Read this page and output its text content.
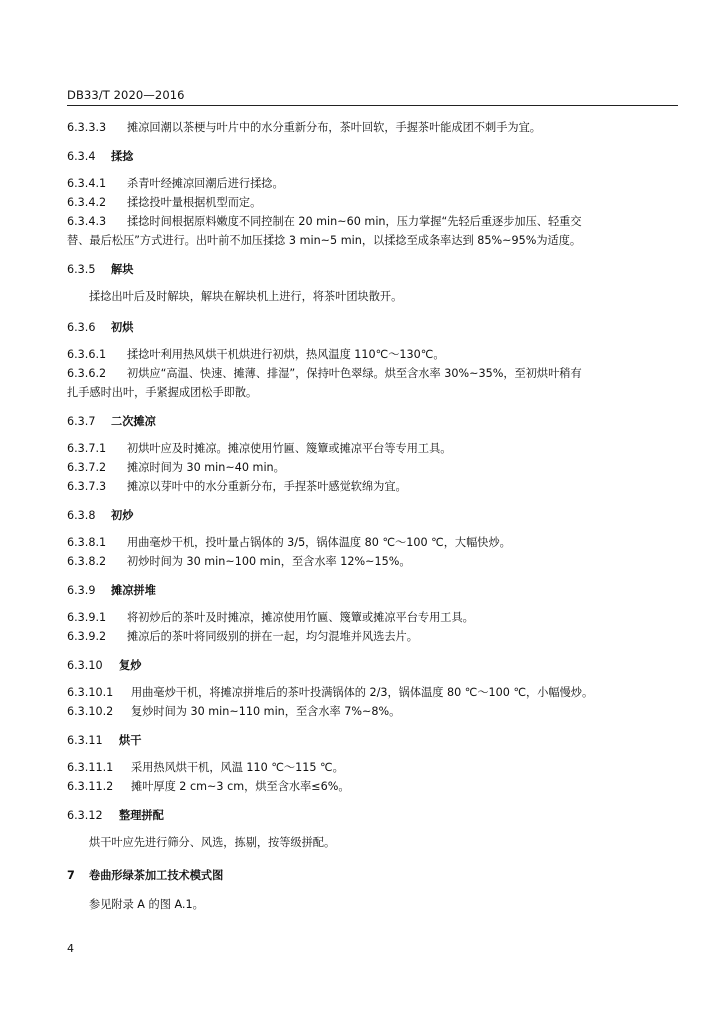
DB33/T 2020—2016
6.3.3.3 摊凉回潮以茶梗与叶片中的水分重新分布，茶叶回软，手握茶叶能成团不刺手为宜。
6.3.4 揉捻
6.3.4.1 杀青叶经摊凉回潮后进行揉捻。
6.3.4.2 揉捻投叶量根据机型而定。
6.3.4.3 揉捻时间根据原料嫩度不同控制在 20 min~60 min，压力掌握“先轻后重逐步加压、轻重交
替、最后松压”方式进行。出叶前不加压揉捻 3 min~5 min，以揉捻至成条率达到 85%~95%为适度。
6.3.5 解块
揉捻出叶后及时解块，解块在解块机上进行，将茶叶团块散开。
6.3.6 初烘
6.3.6.1 揉捻叶利用热风烘干机烘进行初烘，热风温度 110℃～130℃。
6.3.6.2 初烘应“高温、快速、摊薄、排湿”，保持叶色翠绿。烘至含水率 30%~35%，至初烘叶稍有
扎手感时出叶，手紧握成团松手即散。
6.3.7 二次摊凉
6.3.7.1 初烘叶应及时摊凉。摊凉使用竹匾、篾簟或摊凉平台等专用工具。
6.3.7.2 摊凉时间为 30 min~40 min。
6.3.7.3 摊凉以芽叶中的水分重新分布，手捏茶叶感觉软绵为宜。
6.3.8 初炒
6.3.8.1 用曲毫炒干机，投叶量占锅体的 3/5，锅体温度 80 ℃～100 ℃，大幅快炒。
6.3.8.2 初炒时间为 30 min~100 min，至含水率 12%~15%。
6.3.9 摊凉拼堆
6.3.9.1 将初炒后的茶叶及时摊凉，摊凉使用竹匾、篾簟或摊凉平台专用工具。
6.3.9.2 摊凉后的茶叶将同级别的拼在一起，均匀混堆并风选去片。
6.3.10 复炒
6.3.10.1 用曲毫炒干机，将摊凉拼堆后的茶叶投满锅体的 2/3，锅体温度 80 ℃～100 ℃，小幅慢炒。
6.3.10.2 复炒时间为 30 min~110 min，至含水率 7%~8%。
6.3.11 烘干
6.3.11.1 采用热风烘干机，风温 110 ℃～115 ℃。
6.3.11.2 摊叶厚度 2 cm~3 cm，烘至含水率≤6%。
6.3.12 整理拼配
烘干叶应先进行筛分、风选，拣剔，按等级拼配。
7 卷曲形绿茶加工技术模式图
参见附录 A 的图 A.1。
4
